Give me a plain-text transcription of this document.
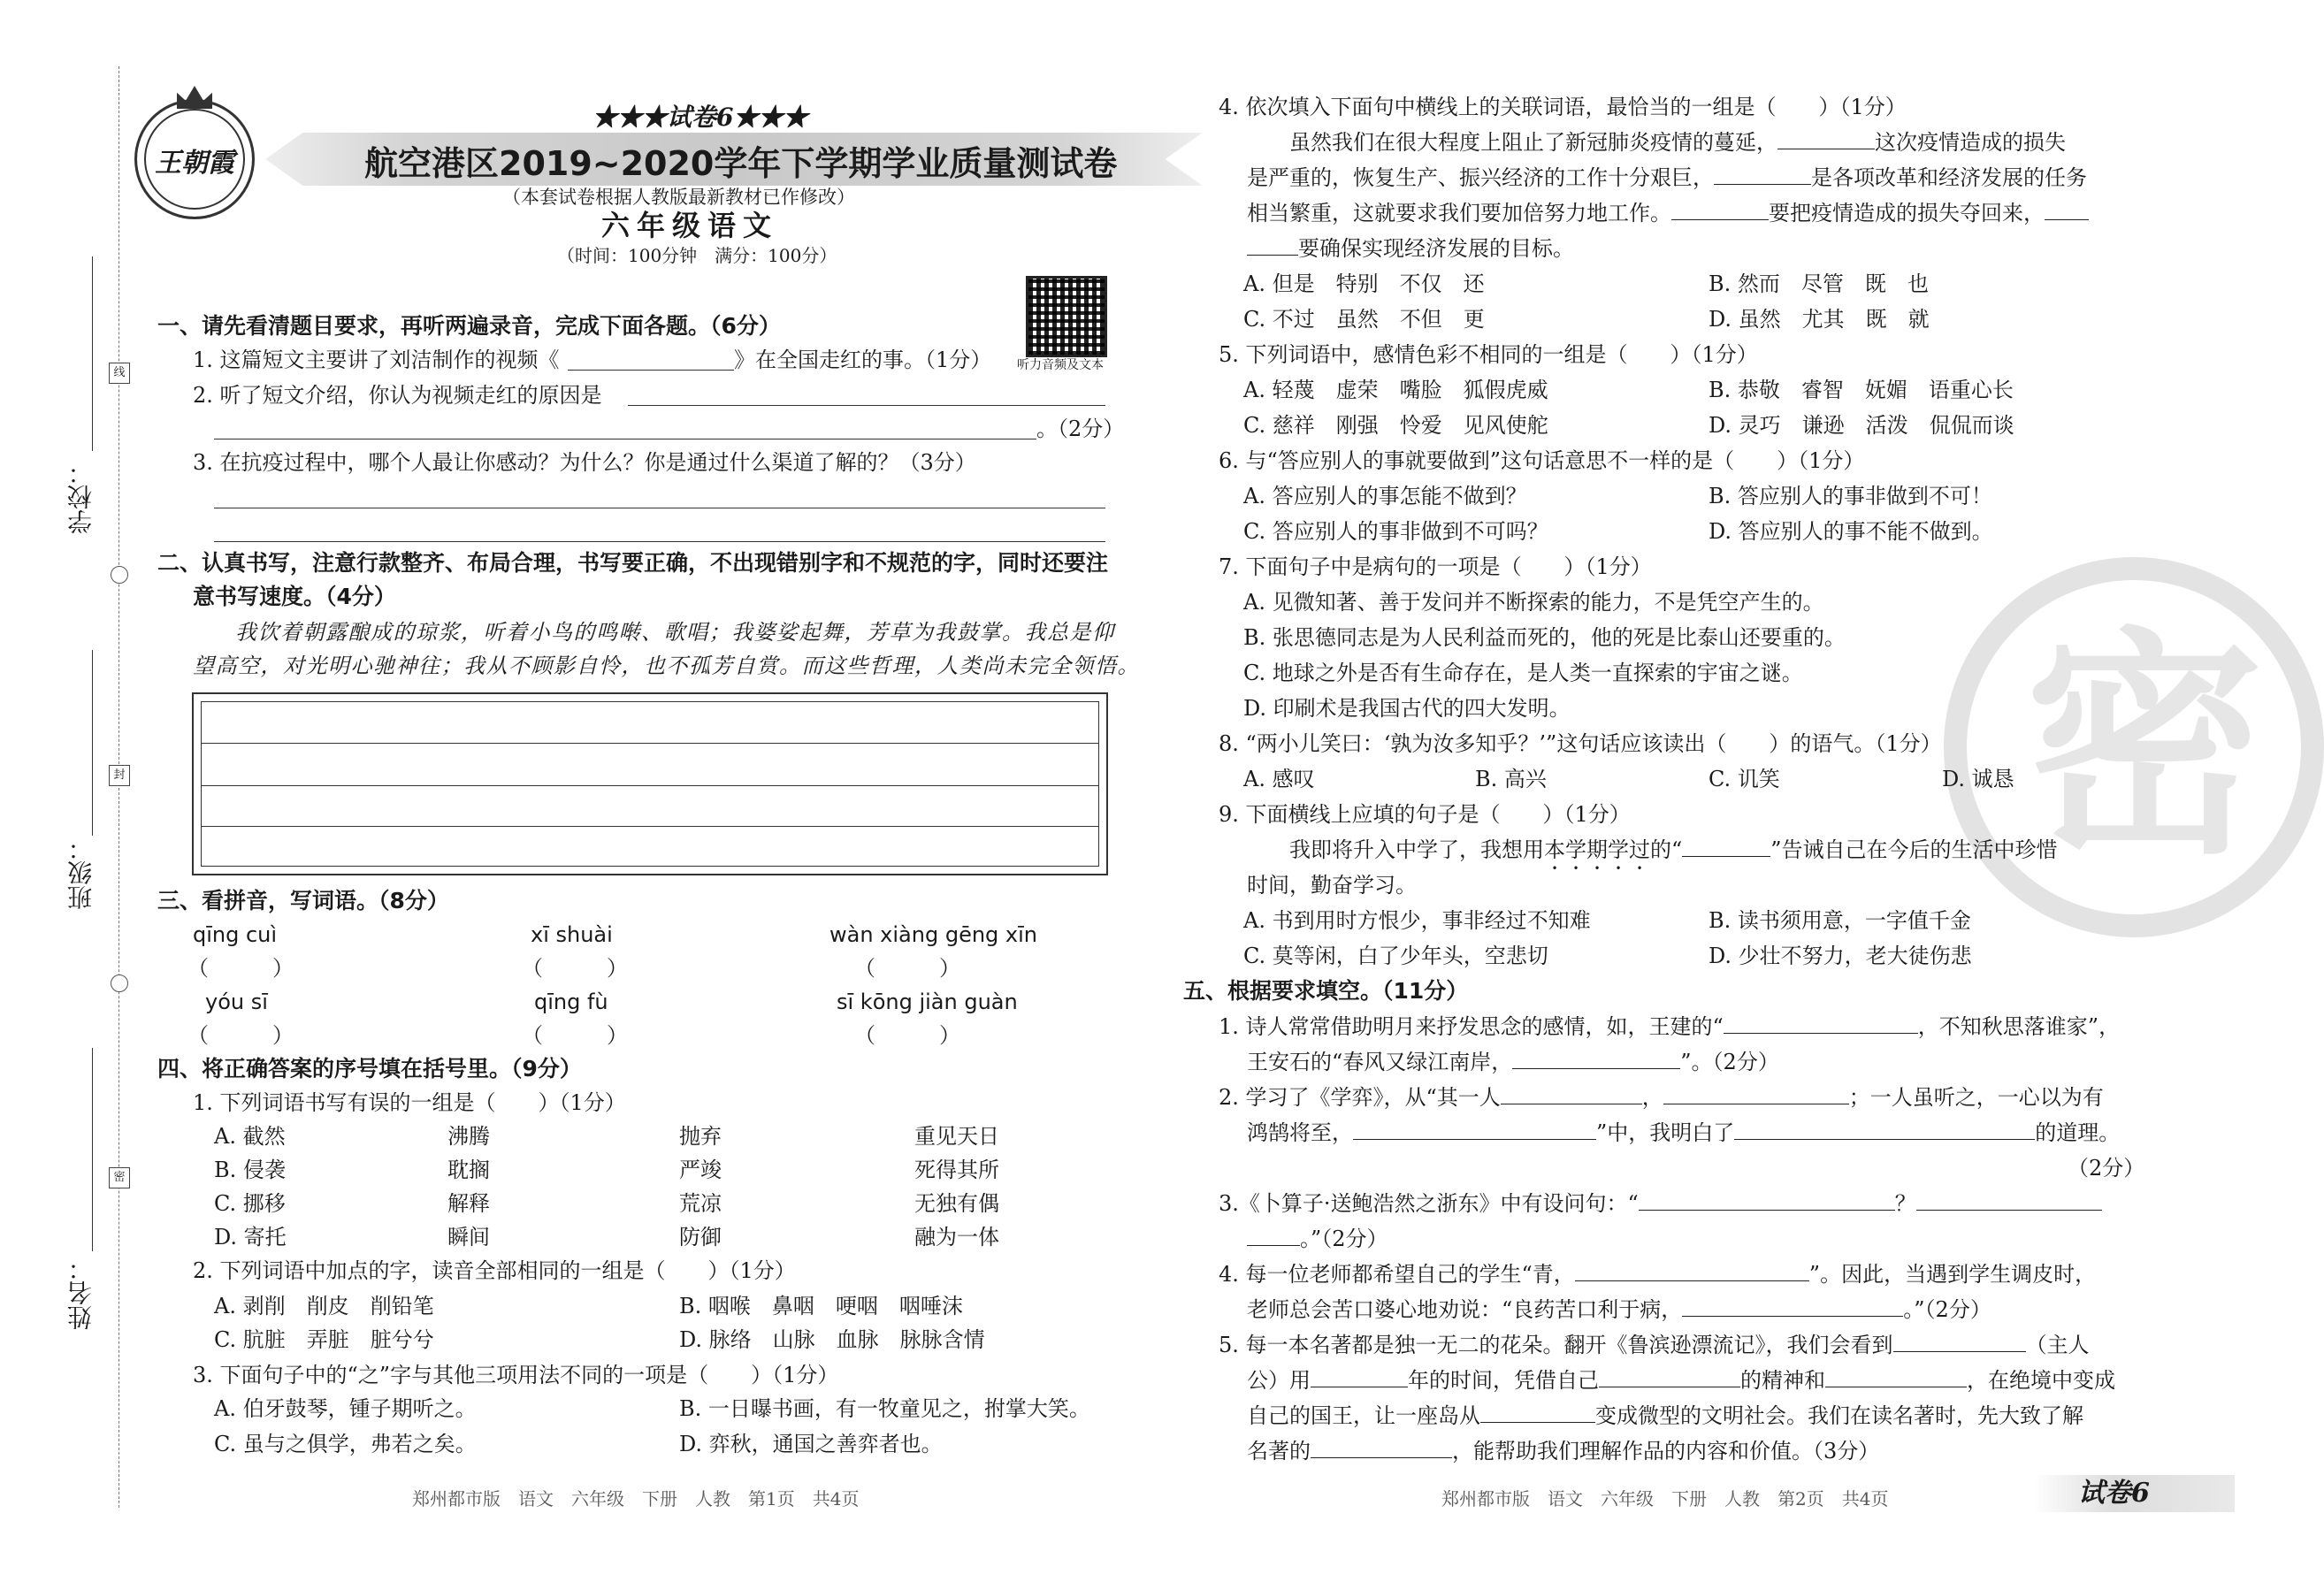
学校：
班级：
姓名：
线
封
密
王朝霞
★★★试卷6★★★
航空港区2019~2020学年下学期学业质量测试卷
（本套试卷根据人教版最新教材已作修改）
六年级语文
（时间：100分钟　满分：100分）
听力音频及文本
一、请先看清题目要求，再听两遍录音，完成下面各题。（6分）
1. 这篇短文主要讲了刘洁制作的视频《	》在全国走红的事。（1分）
2. 听了短文介绍，你认为视频走红的原因是
。（2分）
3. 在抗疫过程中，哪个人最让你感动？为什么？你是通过什么渠道了解的？（3分）
二、认真书写，注意行款整齐、布局合理，书写要正确，不出现错别字和不规范的字，同时还要注
意书写速度。（4分）
我饮着朝露酿成的琼浆，听着小鸟的鸣啭、歌唱；我婆娑起舞，芳草为我鼓掌。我总是仰
望高空，对光明心驰神往；我从不顾影自怜，也不孤芳自赏。而这些哲理，人类尚未完全领悟。
三、看拼音，写词语。（8分）
qīng cuì	xī shuài	wàn xiàng gēng xīn
（　　　）	（　　　）	（　　　）
yóu sī	qīng fù	sī kōng jiàn guàn
（　　　）	（　　　）	（　　　）
四、将正确答案的序号填在括号里。（9分）
1. 下列词语书写有误的一组是（　　）（1分）
A. 截然	沸腾	抛弃	重见天日
B. 侵袭	耽搁	严竣	死得其所
C. 挪移	解释	荒凉	无独有偶
D. 寄托	瞬间	防御	融为一体
2. 下列词语中加点的字，读音全部相同的一组是（　　）（1分）
A. 剥削　削皮　削铅笔	B. 咽喉　鼻咽　哽咽　咽唾沫
C. 肮脏　弄脏　脏兮兮	D. 脉络　山脉　血脉　脉脉含情
3. 下面句子中的“之”字与其他三项用法不同的一项是（　　）（1分）
A. 伯牙鼓琴，锺子期听之。	B. 一日曝书画，有一牧童见之，拊掌大笑。
C. 虽与之俱学，弗若之矣。	D. 弈秋，通国之善弈者也。
郑州都市版　语文　六年级　下册　人教　第1页　共4页
密
4. 依次填入下面句中横线上的关联词语，最恰当的一组是（　　）（1分）
虽然我们在很大程度上阻止了新冠肺炎疫情的蔓延，	这次疫情造成的损失
是严重的，恢复生产、振兴经济的工作十分艰巨，	是各项改革和经济发展的任务
相当繁重，这就要求我们要加倍努力地工作。	要把疫情造成的损失夺回来，
要确保实现经济发展的目标。
A. 但是　特别　不仅　还	B. 然而　尽管　既　也
C. 不过　虽然　不但　更	D. 虽然　尤其　既　就
5. 下列词语中，感情色彩不相同的一组是（　　）（1分）
A. 轻蔑　虚荣　嘴脸　狐假虎威	B. 恭敬　睿智　妩媚　语重心长
C. 慈祥　刚强　怜爱　见风使舵	D. 灵巧　谦逊　活泼　侃侃而谈
6. 与“答应别人的事就要做到”这句话意思不一样的是（　　）（1分）
A. 答应别人的事怎能不做到？	B. 答应别人的事非做到不可！
C. 答应别人的事非做到不可吗？	D. 答应别人的事不能不做到。
7. 下面句子中是病句的一项是（　　）（1分）
A. 见微知著、善于发问并不断探索的能力，不是凭空产生的。
B. 张思德同志是为人民利益而死的，他的死是比泰山还要重的。
C. 地球之外是否有生命存在，是人类一直探索的宇宙之谜。
D. 印刷术是我国古代的四大发明。
8. “两小儿笑曰：‘孰为汝多知乎？’”这句话应该读出（　　）的语气。（1分）
A. 感叹	B. 高兴	C. 讥笑	D. 诚恳
9. 下面横线上应填的句子是（　　）（1分）
我即将升入中学了，我想用本学期学过的“	”告诫自己在今后的生活中珍惜
时间，勤奋学习。
A. 书到用时方恨少，事非经过不知难	B. 读书须用意，一字值千金
C. 莫等闲，白了少年头，空悲切	D. 少壮不努力，老大徒伤悲
五、根据要求填空。（11分）
1. 诗人常常借助明月来抒发思念的感情，如，王建的“	，不知秋思落谁家”，
王安石的“春风又绿江南岸，	”。（2分）
2. 学习了《学弈》，从“其一人	，	；一人虽听之，一心以为有
鸿鹄将至，	”中，我明白了	的道理。
（2分）
3.《卜算子·送鲍浩然之浙东》中有设问句：“	？
。”（2分）
4. 每一位老师都希望自己的学生“青，	”。因此，当遇到学生调皮时，
老师总会苦口婆心地劝说：“良药苦口利于病，	。”（2分）
5. 每一本名著都是独一无二的花朵。翻开《鲁滨逊漂流记》，我们会看到	（主人
公）用	年的时间，凭借自己	的精神和	，在绝境中变成
自己的国王，让一座岛从	变成微型的文明社会。我们在读名著时，先大致了解
名著的	，能帮助我们理解作品的内容和价值。（3分）
郑州都市版　语文　六年级　下册　人教　第2页　共4页	试卷6
